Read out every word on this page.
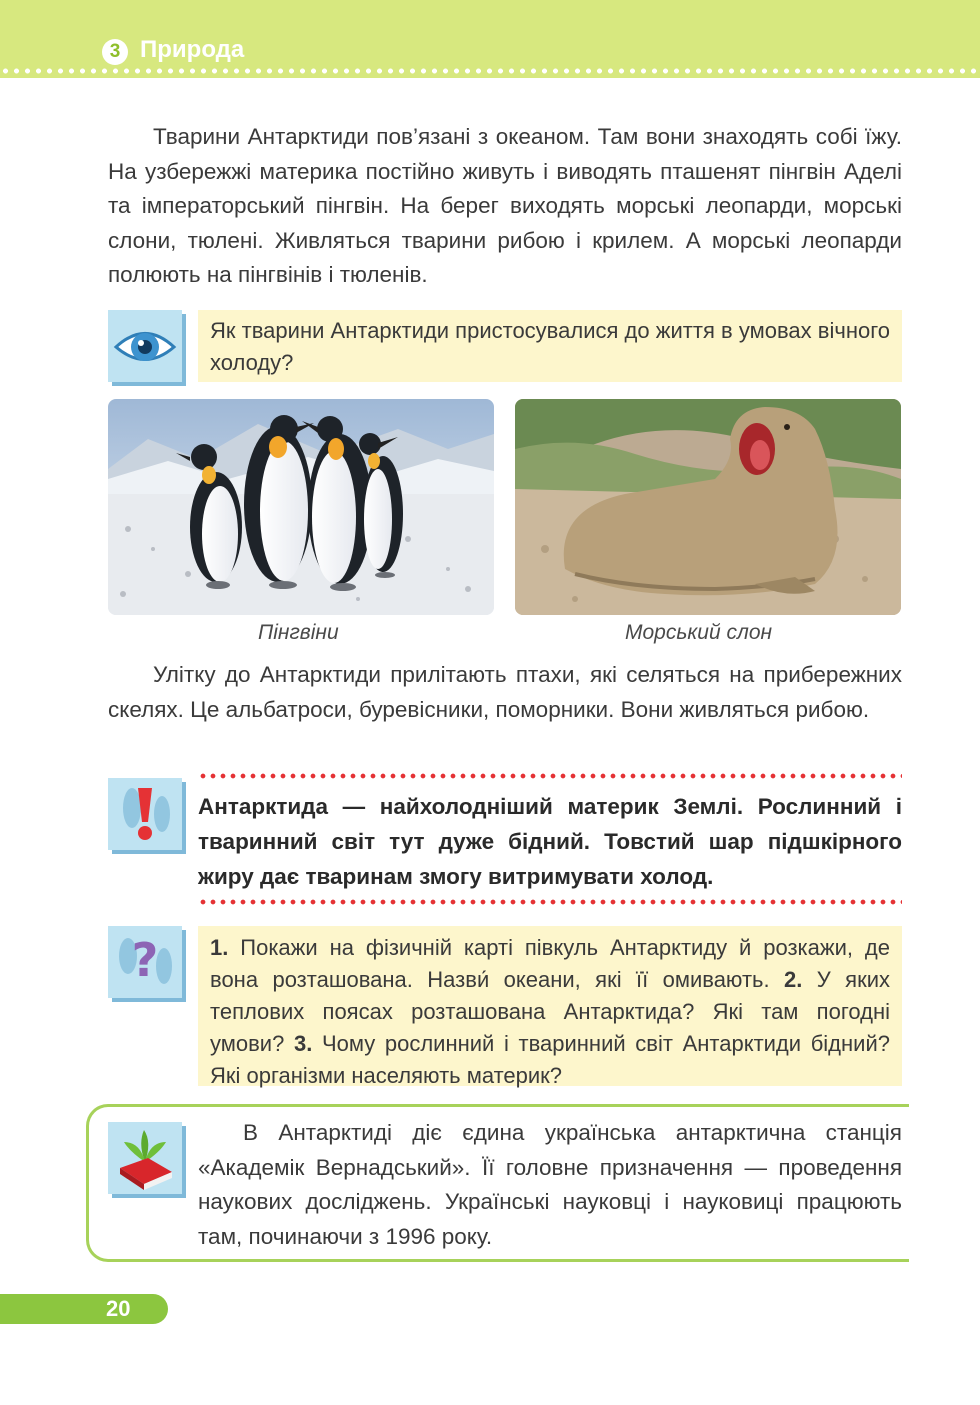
3 Природа

Тварини Антарктиди пов’язані з океаном. Там вони знаходять собі їжу. На узбережжі материка постійно живуть і виводять пташенят пінгвін Аделі та імператорський пінгвін. На берег виходять морські леопарди, морські слони, тюлені. Живляться тварини рибою і крилем. А морські леопарди полюють на пінгвінів і тюленів.

Як тварини Антарктиди пристосувалися до життя в умовах вічного холоду?

Пінгвіни	Морський слон

Улітку до Антарктиди прилітають птахи, які селяться на прибережних скелях. Це альбатроси, буревісники, поморники. Вони живляться рибою.

Антарктида — найхолодніший материк Землі. Рослинний і тваринний світ тут дуже бідний. Товстий шар підшкірного жиру дає тваринам змогу витримувати холод.

? 1. Покажи на фізичній карті півкуль Антарктиду й розкажи, де вона розташована. Назви́ океани, які її омивають. 2. У яких теплових поясах розташована Антарктида? Які там погодні умови? 3. Чому рослинний і тваринний світ Антарктиди бідний? Які організми населяють материк?

В Антарктиді діє єдина українська антарктична станція «Академік Вернадський». Її головне призначення — проведення наукових досліджень. Українські науковці і науковиці працюють там, починаючи з 1996 року.

20
